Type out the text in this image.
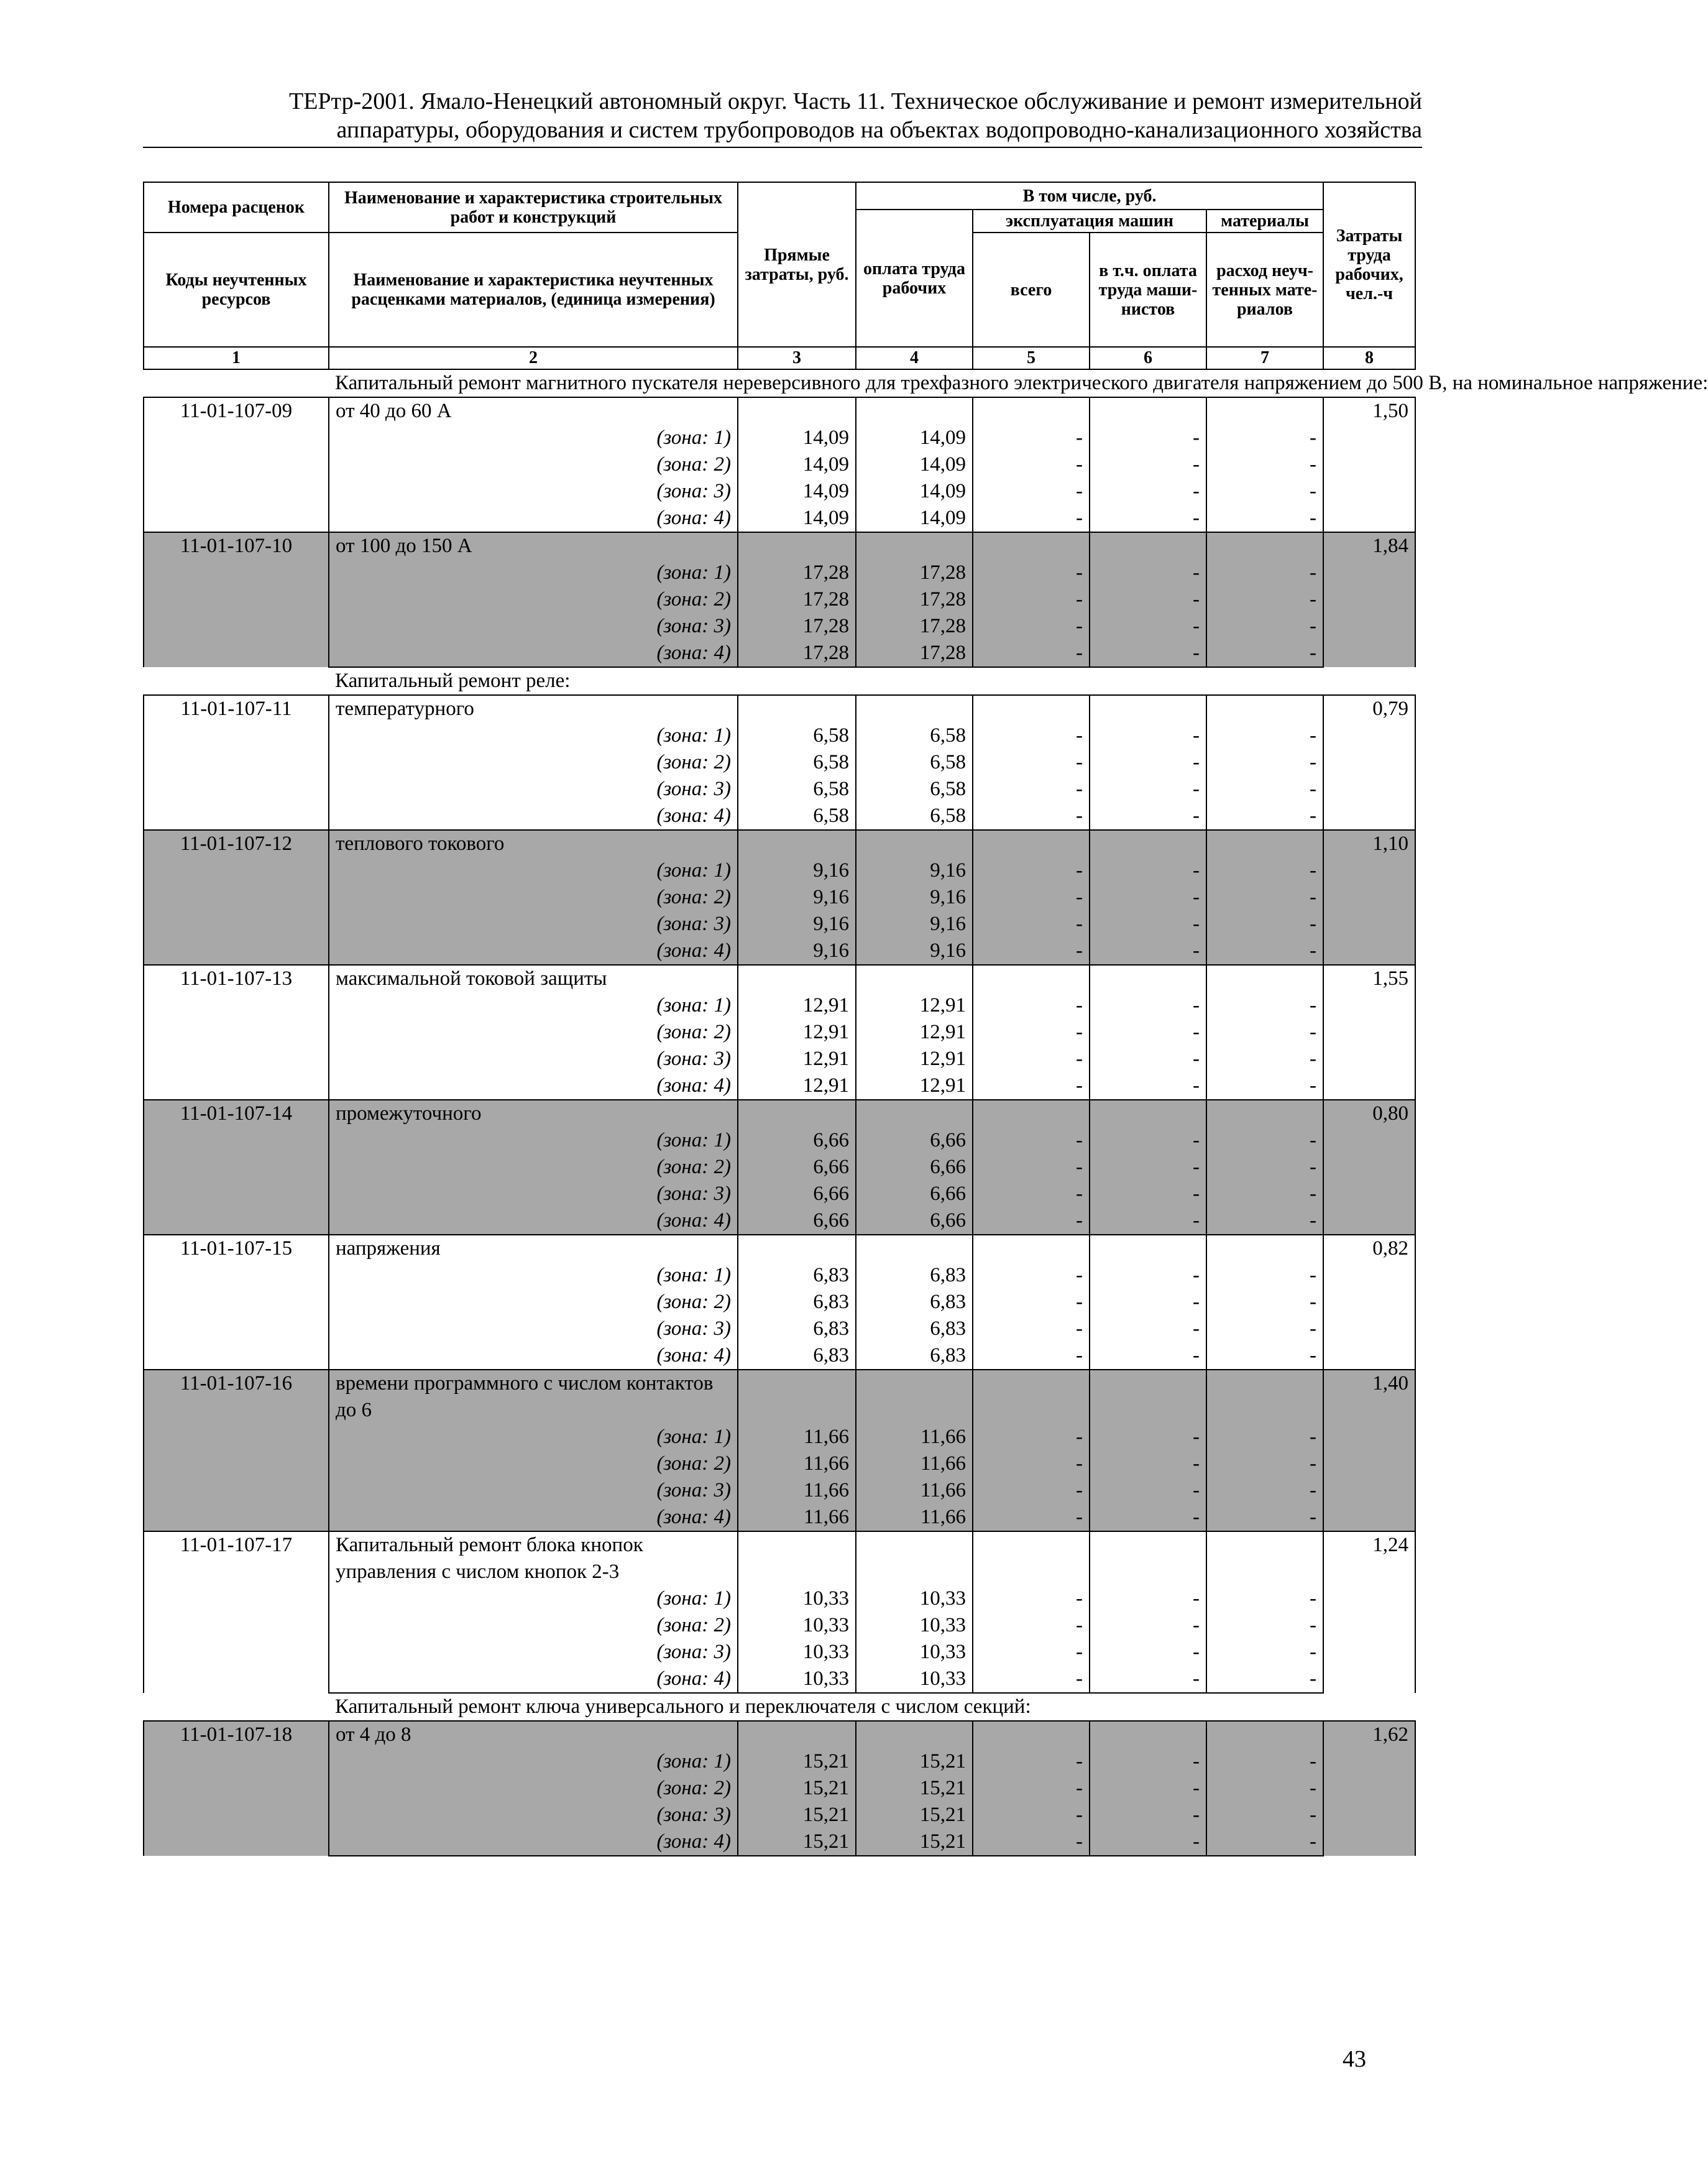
ТЕРтр-2001. Ямало-Ненецкий автономный округ. Часть 11. Техническое обслуживание и ремонт измерительной
аппаратуры, оборудования и систем трубопроводов на объектах водопроводно-канализационного хозяйства
Номера расценок	Наименование и характеристика строительных работ и конструкций	Прямые затраты, руб.	В том числе, руб.				Затраты труда рабочих, чел.-ч
			оплата труда рабочих	эксплуатация машин		материалы	
Коды неучтенных ресурсов	Наименование и характеристика неучтенных расценками материалов, (единица измерения)			всего	в т.ч. оплата труда маши-нистов	расход неуч-тенных мате-риалов	

1	2	3	4	5	6	7	8
	Капитальный ремонт магнитного пускателя нереверсивного для трехфазного электрического двигателя напряжением до 500 В, на номинальное напряжение:						
11-01-107-09	от 40 до 60 А						1,50
	(зона: 1)	14,09	14,09	-	-	-	
	(зона: 2)	14,09	14,09	-	-	-	
	(зона: 3)	14,09	14,09	-	-	-	
	(зона: 4)	14,09	14,09	-	-	-	
11-01-107-10	от 100 до 150 А						1,84
	(зона: 1)	17,28	17,28	-	-	-	
	(зона: 2)	17,28	17,28	-	-	-	
	(зона: 3)	17,28	17,28	-	-	-	
	(зона: 4)	17,28	17,28	-	-	-	
	Капитальный ремонт реле:						
11-01-107-11	температурного						0,79
	(зона: 1)	6,58	6,58	-	-	-	
	(зона: 2)	6,58	6,58	-	-	-	
	(зона: 3)	6,58	6,58	-	-	-	
	(зона: 4)	6,58	6,58	-	-	-	
11-01-107-12	теплового токового						1,10
	(зона: 1)	9,16	9,16	-	-	-	
	(зона: 2)	9,16	9,16	-	-	-	
	(зона: 3)	9,16	9,16	-	-	-	
	(зона: 4)	9,16	9,16	-	-	-	
11-01-107-13	максимальной токовой защиты						1,55
	(зона: 1)	12,91	12,91	-	-	-	
	(зона: 2)	12,91	12,91	-	-	-	
	(зона: 3)	12,91	12,91	-	-	-	
	(зона: 4)	12,91	12,91	-	-	-	
11-01-107-14	промежуточного						0,80
	(зона: 1)	6,66	6,66	-	-	-	
	(зона: 2)	6,66	6,66	-	-	-	
	(зона: 3)	6,66	6,66	-	-	-	
	(зона: 4)	6,66	6,66	-	-	-	
11-01-107-15	напряжения						0,82
	(зона: 1)	6,83	6,83	-	-	-	
	(зона: 2)	6,83	6,83	-	-	-	
	(зона: 3)	6,83	6,83	-	-	-	
	(зона: 4)	6,83	6,83	-	-	-	
11-01-107-16	времени программного с числом контактов до 6						1,40

	(зона: 1)	11,66	11,66	-	-	-	
	(зона: 2)	11,66	11,66	-	-	-	
	(зона: 3)	11,66	11,66	-	-	-	
	(зона: 4)	11,66	11,66	-	-	-	
11-01-107-17	Капитальный ремонт блока кнопок управления с числом кнопок 2-3						1,24

	(зона: 1)	10,33	10,33	-	-	-	
	(зона: 2)	10,33	10,33	-	-	-	
	(зона: 3)	10,33	10,33	-	-	-	
	(зона: 4)	10,33	10,33	-	-	-	
	Капитальный ремонт ключа универсального и переключателя с числом секций:						
11-01-107-18	от 4 до 8						1,62
	(зона: 1)	15,21	15,21	-	-	-	
	(зона: 2)	15,21	15,21	-	-	-	
	(зона: 3)	15,21	15,21	-	-	-	
	(зона: 4)	15,21	15,21	-	-	-	
43
